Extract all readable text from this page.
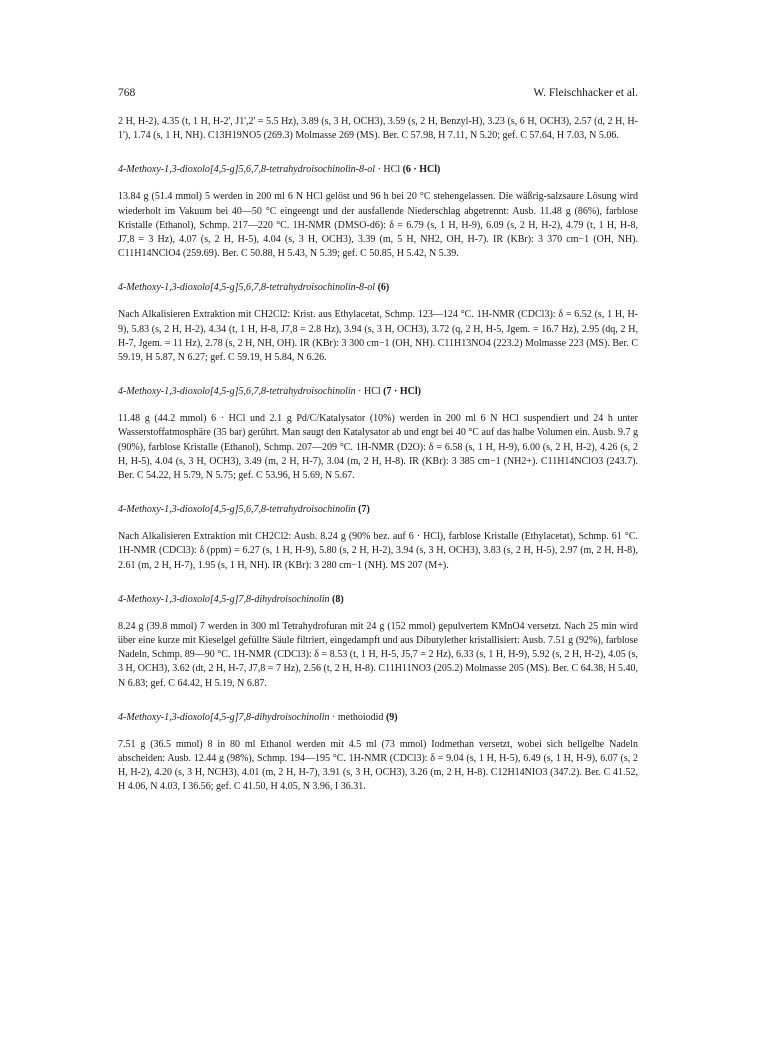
768	W. Fleischhacker et al.

2 H, H-2), 4.35 (t, 1 H, H-2', J1',2' = 5.5 Hz), 3.89 (s, 3 H, OCH3), 3.59 (s, 2 H, Benzyl-H), 3.23 (s, 6 H, OCH3), 2.57 (d, 2 H, H-1'), 1.74 (s, 1 H, NH). C13H19NO5 (269.3) Molmasse 269 (MS). Ber. C 57.98, H 7.11, N 5.20; gef. C 57.64, H 7.03, N 5.06.

4-Methoxy-1,3-dioxolo[4,5-g]5,6,7,8-tetrahydroisochinolin-8-ol · HCl (6 · HCl)

13.84 g (51.4 mmol) 5 werden in 200 ml 6 N HCl gelöst und 96 h bei 20 °C stehengelassen. Die wäßrig-salzsaure Lösung wird wiederholt im Vakuum bei 40—50 °C eingeengt und der ausfallende Niederschlag abgetrennt: Ausb. 11.48 g (86%), farblose Kristalle (Ethanol), Schmp. 217—220 °C. 1H-NMR (DMSO-d6): δ = 6.79 (s, 1 H, H-9), 6.09 (s, 2 H, H-2), 4.79 (t, 1 H, H-8, J7,8 = 3 Hz), 4.07 (s, 2 H, H-5), 4.04 (s, 3 H, OCH3), 3.39 (m, 5 H, NH2, OH, H-7). IR (KBr): 3 370 cm−1 (OH, NH). C11H14NClO4 (259.69). Ber. C 50.88, H 5.43, N 5.39; gef. C 50.85, H 5.42, N 5.39.

4-Methoxy-1,3-dioxolo[4,5-g]5,6,7,8-tetrahydroisochinolin-8-ol (6)

Nach Alkalisieren Extraktion mit CH2Cl2: Krist. aus Ethylacetat, Schmp. 123—124 °C. 1H-NMR (CDCl3): δ = 6.52 (s, 1 H, H-9), 5.83 (s, 2 H, H-2), 4.34 (t, 1 H, H-8, J7,8 = 2.8 Hz), 3.94 (s, 3 H, OCH3), 3.72 (q, 2 H, H-5, Jgem. = 16.7 Hz), 2.95 (dq, 2 H, H-7, Jgem. = 11 Hz), 2.78 (s, 2 H, NH, OH). IR (KBr): 3 300 cm−1 (OH, NH). C11H13NO4 (223.2) Molmasse 223 (MS). Ber. C 59.19, H 5.87, N 6.27; gef. C 59.19, H 5.84, N 6.26.

4-Methoxy-1,3-dioxolo[4,5-g]5,6,7,8-tetrahydroisochinolin · HCl (7 · HCl)

11.48 g (44.2 mmol) 6 · HCl und 2.1 g Pd/C/Katalysator (10%) werden in 200 ml 6 N HCl suspendiert und 24 h unter Wasserstoffatmosphäre (35 bar) gerührt. Man saugt den Katalysator ab und engt bei 40 °C auf das halbe Volumen ein. Ausb. 9.7 g (90%), farblose Kristalle (Ethanol), Schmp. 207—209 °C. 1H-NMR (D2O): δ = 6.58 (s, 1 H, H-9), 6.00 (s, 2 H, H-2), 4.26 (s, 2 H, H-5), 4.04 (s, 3 H, OCH3), 3.49 (m, 2 H, H-7), 3.04 (m, 2 H, H-8). IR (KBr): 3 385 cm−1 (NH2+). C11H14NClO3 (243.7). Ber. C 54.22, H 5.79, N 5.75; gef. C 53.96, H 5.69, N 5.67.

4-Methoxy-1,3-dioxolo[4,5-g]5,6,7,8-tetrahydroisochinolin (7)

Nach Alkalisieren Extraktion mit CH2Cl2: Ausb. 8.24 g (90% bez. auf 6 · HCl), farblose Kristalle (Ethylacetat), Schmp. 61 °C. 1H-NMR (CDCl3): δ (ppm) = 6.27 (s, 1 H, H-9), 5.80 (s, 2 H, H-2), 3.94 (s, 3 H, OCH3), 3.83 (s, 2 H, H-5), 2.97 (m, 2 H, H-8), 2.61 (m, 2 H, H-7), 1.95 (s, 1 H, NH). IR (KBr): 3 280 cm−1 (NH). MS 207 (M+).

4-Methoxy-1,3-dioxolo[4,5-g]7,8-dihydroisochinolin (8)

8.24 g (39.8 mmol) 7 werden in 300 ml Tetrahydrofuran mit 24 g (152 mmol) gepulvertem KMnO4 versetzt. Nach 25 min wird über eine kurze mit Kieselgel gefüllte Säule filtriert, eingedampft und aus Dibutylether kristallisiert: Ausb. 7.51 g (92%), farblose Nadeln, Schmp. 89—90 °C. 1H-NMR (CDCl3): δ = 8.53 (t, 1 H, H-5, J5,7 = 2 Hz), 6.33 (s, 1 H, H-9), 5.92 (s, 2 H, H-2), 4.05 (s, 3 H, OCH3), 3.62 (dt, 2 H, H-7, J7,8 = 7 Hz), 2.56 (t, 2 H, H-8). C11H11NO3 (205.2) Molmasse 205 (MS). Ber. C 64.38, H 5.40, N 6.83; gef. C 64.42, H 5.19, N 6.87.

4-Methoxy-1,3-dioxolo[4,5-g]7,8-dihydroisochinolin · methoiodid (9)

7.51 g (36.5 mmol) 8 in 80 ml Ethanol werden mit 4.5 ml (73 mmol) Iodmethan versetzt, wobei sich hellgelbe Nadeln abscheiden: Ausb. 12.44 g (98%), Schmp. 194—195 °C. 1H-NMR (CDCl3): δ = 9.04 (s, 1 H, H-5), 6.49 (s, 1 H, H-9), 6.07 (s, 2 H, H-2), 4.20 (s, 3 H, NCH3), 4.01 (m, 2 H, H-7), 3.91 (s, 3 H, OCH3), 3.26 (m, 2 H, H-8). C12H14NIO3 (347.2). Ber. C 41.52, H 4.06, N 4.03, I 36.56; gef. C 41.50, H 4.05, N 3.96, I 36.31.
